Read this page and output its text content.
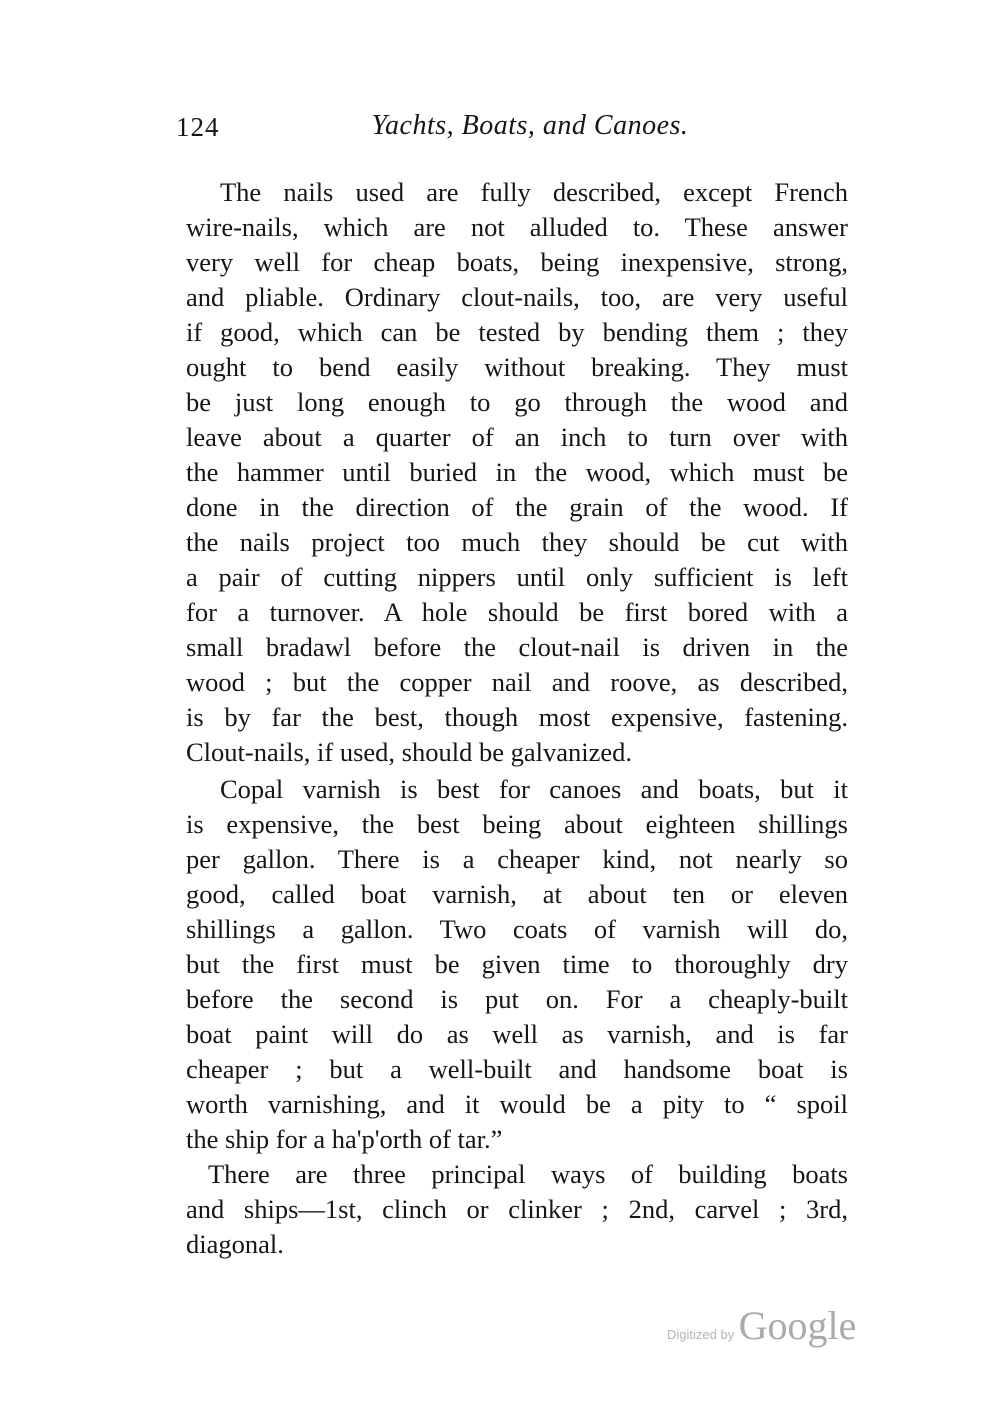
124	Yachts, Boats, and Canoes.
The nails used are fully described, except French
wire-nails, which are not alluded to. These answer
very well for cheap boats, being inexpensive, strong,
and pliable. Ordinary clout-nails, too, are very useful
if good, which can be tested by bending them ; they
ought to bend easily without breaking. They must
be just long enough to go through the wood and
leave about a quarter of an inch to turn over with
the hammer until buried in the wood, which must be
done in the direction of the grain of the wood. If
the nails project too much they should be cut with
a pair of cutting nippers until only sufficient is left
for a turnover. A hole should be first bored with a
small bradawl before the clout-nail is driven in the
wood ; but the copper nail and roove, as described,
is by far the best, though most expensive, fastening.
Clout-nails, if used, should be galvanized.
Copal varnish is best for canoes and boats, but it
is expensive, the best being about eighteen shillings
per gallon. There is a cheaper kind, not nearly so
good, called boat varnish, at about ten or eleven
shillings a gallon. Two coats of varnish will do,
but the first must be given time to thoroughly dry
before the second is put on. For a cheaply-built
boat paint will do as well as varnish, and is far
cheaper ; but a well-built and handsome boat is
worth varnishing, and it would be a pity to “ spoil
the ship for a ha'p'orth of tar.”
There are three principal ways of building boats
and ships—1st, clinch or clinker ; 2nd, carvel ; 3rd,
diagonal.
Digitized by Google
